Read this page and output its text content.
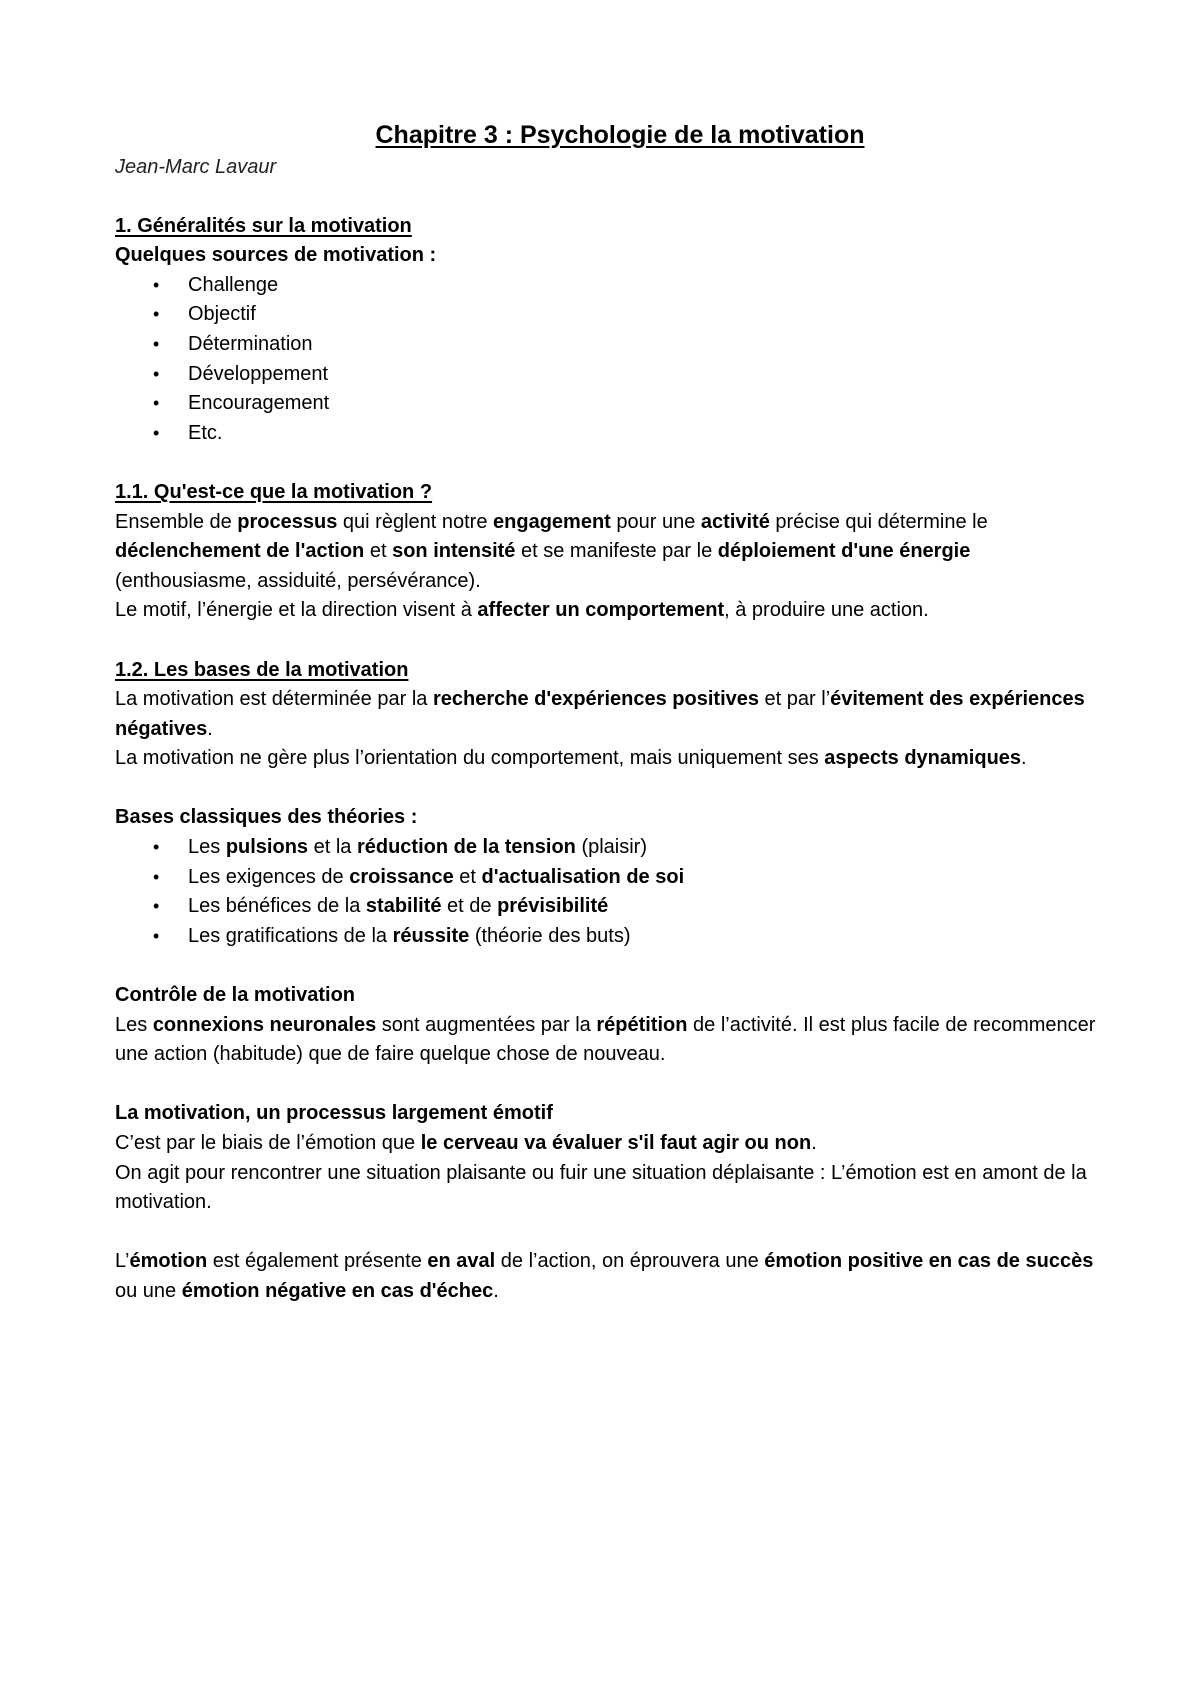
Chapitre 3 : Psychologie de la motivation

Jean-Marc Lavaur

1. Généralités sur la motivation

Quelques sources de motivation :

• Challenge
• Objectif
• Détermination
• Développement
• Encouragement
• Etc.

1.1. Qu'est-ce que la motivation ?

Ensemble de processus qui règlent notre engagement pour une activité précise qui détermine le déclenchement de l'action et son intensité et se manifeste par le déploiement d'une énergie (enthousiasme, assiduité, persévérance).

Le motif, l’énergie et la direction visent à affecter un comportement, à produire une action.

1.2. Les bases de la motivation

La motivation est déterminée par la recherche d'expériences positives et par l’évitement des expériences négatives.

La motivation ne gère plus l’orientation du comportement, mais uniquement ses aspects dynamiques.

Bases classiques des théories :

• Les pulsions et la réduction de la tension (plaisir)
• Les exigences de croissance et d'actualisation de soi
• Les bénéfices de la stabilité et de prévisibilité
• Les gratifications de la réussite (théorie des buts)

Contrôle de la motivation

Les connexions neuronales sont augmentées par la répétition de l’activité. Il est plus facile de recommencer une action (habitude) que de faire quelque chose de nouveau.

La motivation, un processus largement émotif

C’est par le biais de l’émotion que le cerveau va évaluer s'il faut agir ou non.

On agit pour rencontrer une situation plaisante ou fuir une situation déplaisante : L’émotion est en amont de la motivation.

L’émotion est également présente en aval de l’action, on éprouvera une émotion positive en cas de succès ou une émotion négative en cas d'échec.
